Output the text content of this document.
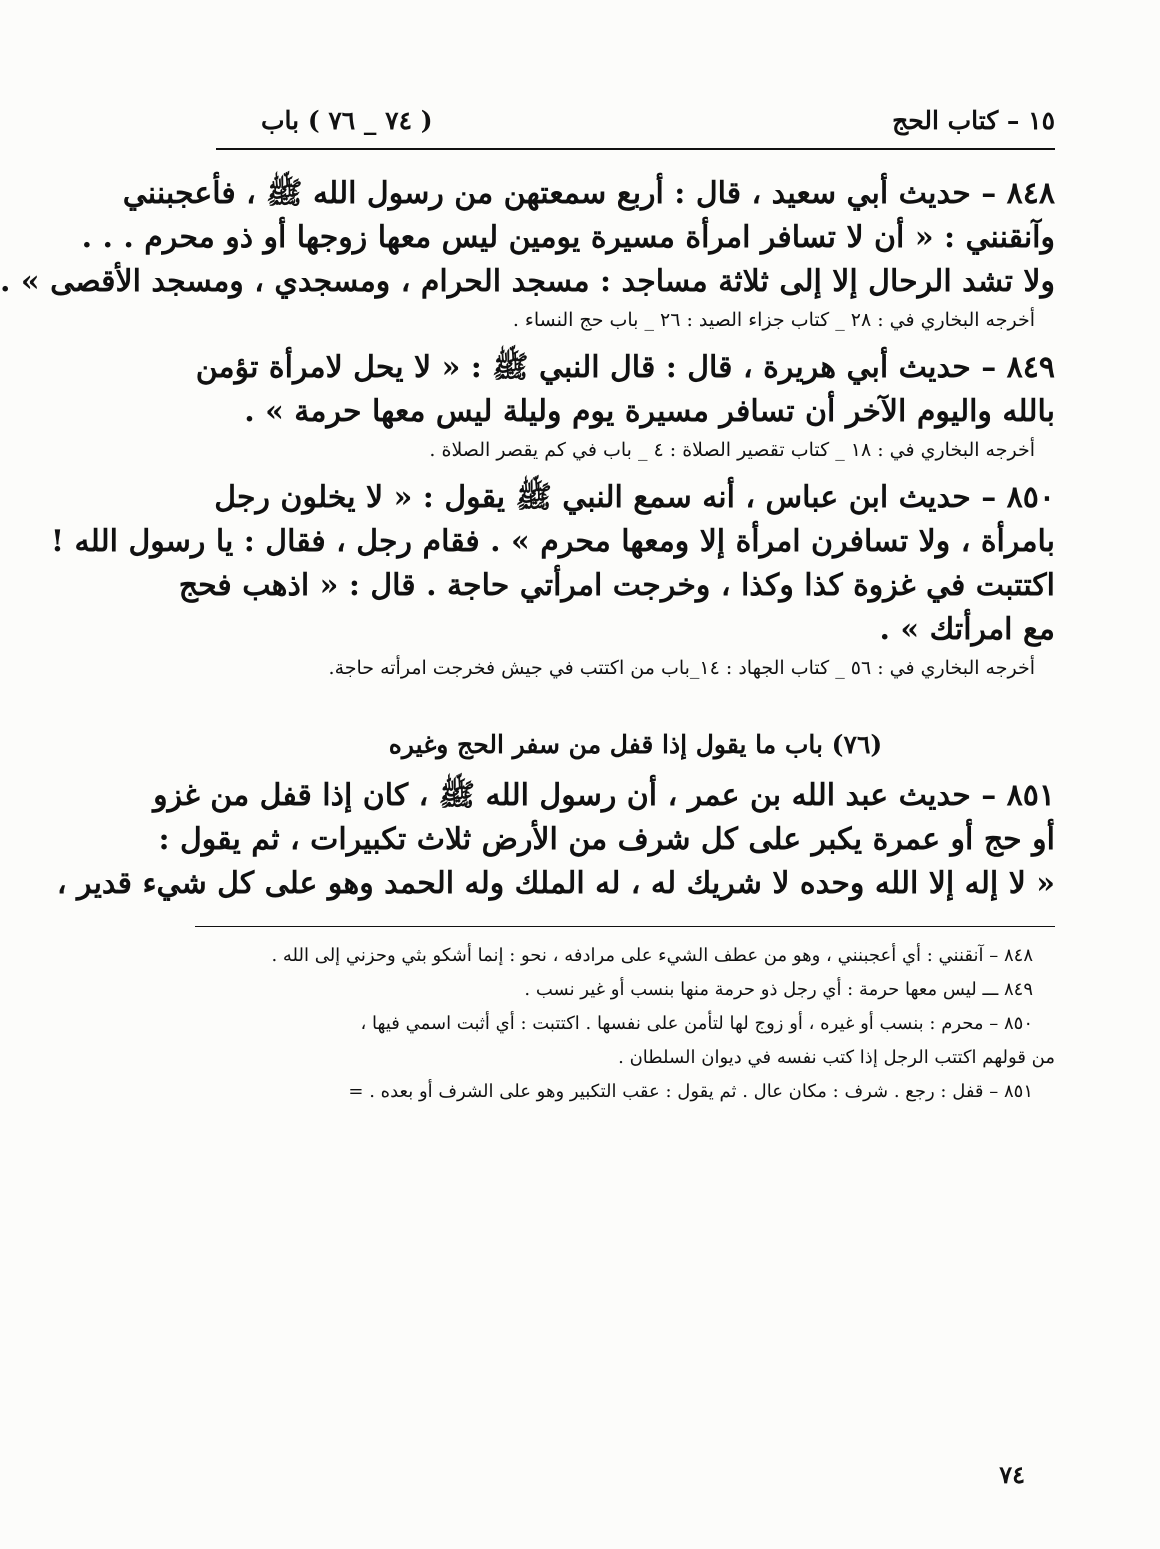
١٥ – كتاب الحج
( ٧٤ _ ٧٦ ) باب
٨٤٨ – حديث أبي سعيد ، قال : أربع سمعتهن من رسول الله ﷺ ، فأعجبنني
وآنقنني : « أن لا تسافر امرأة مسيرة يومين ليس معها زوجها أو ذو محرم . . .
ولا تشد الرحال إلا إلى ثلاثة مساجد : مسجد الحرام ، ومسجدي ، ومسجد الأقصى » .
أخرجه البخاري في : ٢٨ _ كتاب جزاء الصيد : ٢٦ _ باب حج النساء .
٨٤٩ – حديث أبي هريرة ، قال : قال النبي ﷺ : « لا يحل لامرأة تؤمن
بالله واليوم الآخر أن تسافر مسيرة يوم وليلة ليس معها حرمة » .
أخرجه البخاري في : ١٨ _ كتاب تقصير الصلاة : ٤ _ باب في كم يقصر الصلاة .
٨٥٠ – حديث ابن عباس ، أنه سمع النبي ﷺ يقول : « لا يخلون رجل
بامرأة ، ولا تسافرن امرأة إلا ومعها محرم » . فقام رجل ، فقال : يا رسول الله !
اكتتبت في غزوة كذا وكذا ، وخرجت امرأتي حاجة . قال : « اذهب فحج
مع امرأتك » .
أخرجه البخاري في : ٥٦ _ كتاب الجهاد : ١٤_باب من اكتتب في جيش فخرجت امرأته حاجة.
(٧٦) باب ما يقول إذا قفل من سفر الحج وغيره
٨٥١ – حديث عبد الله بن عمر ، أن رسول الله ﷺ ، كان إذا قفل من غزو
أو حج أو عمرة يكبر على كل شرف من الأرض ثلاث تكبيرات ، ثم يقول :
« لا إله إلا الله وحده لا شريك له ، له الملك وله الحمد وهو على كل شيء قدير ،
٨٤٨ – آنقنني : أي أعجبنني ، وهو من عطف الشيء على مرادفه ، نحو : إنما أشكو بثي وحزني إلى الله .
٨٤٩ ـــ ليس معها حرمة : أي رجل ذو حرمة منها بنسب أو غير نسب .
٨٥٠ – محرم : بنسب أو غيره ، أو زوج لها لتأمن على نفسها . اكتتبت : أي أثبت اسمي فيها ،
من قولهم اكتتب الرجل إذا كتب نفسه في ديوان السلطان .
٨٥١ – قفل : رجع . شرف : مكان عال . ثم يقول : عقب التكبير وهو على الشرف أو بعده . =
٧٤
